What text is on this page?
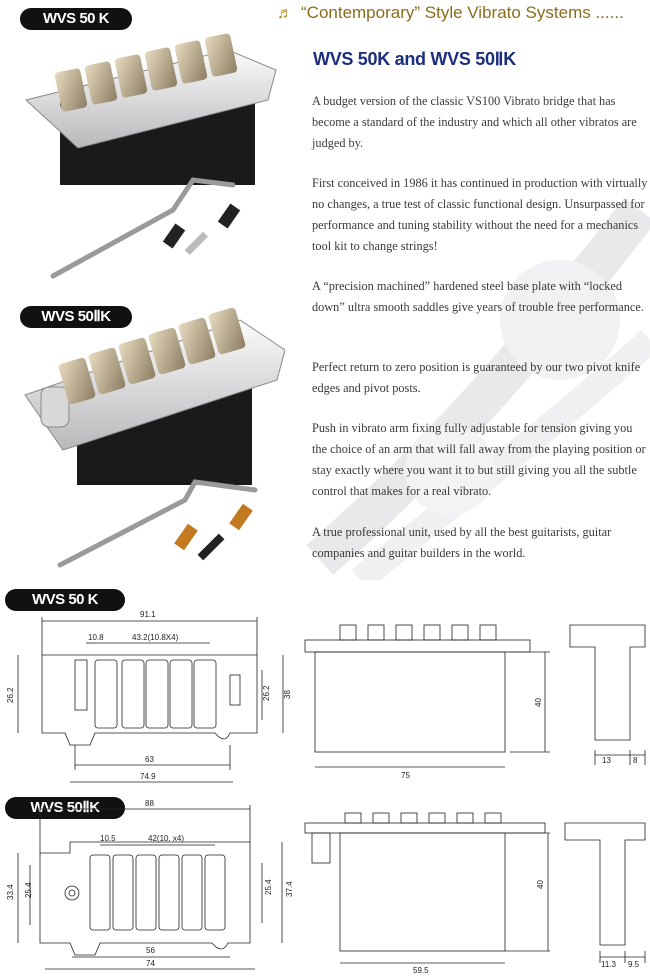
WVS 50 K	♬ “Contemporary” Style Vibrato Systems ......
WVS 50ⅡK
WVS 50K and WVS 50ⅡK

A budget version of the classic VS100 Vibrato bridge that has become a standard of the industry and which all other vibratos are judged by.

First conceived in 1986 it has continued in production with virtually no changes, a true test of classic functional design. Unsurpassed for performance and tuning stability without the need for a mechanics tool kit to change strings!

A “precision machined” hardened steel base plate with “locked down” ultra smooth saddles give years of trouble free performance.

Perfect return to zero position is guaranteed by our two pivot knife edges and pivot posts.

Push in vibrato arm fixing fully adjustable for tension giving you the choice of an arm that will fall away from the playing position or stay exactly where you want it to but still giving you all the subtle control that makes for a real vibrato.

A true professional unit, used by all the best guitarists, guitar companies and guitar builders in the world.

WVS 50 K
91.1
10.8	43.2(10.8X4)
26.2	26.2 38
63
74.9
40
75
13	8
WVS 50ⅡK	88
10.5	42(10. x4)
33.4 25.4	25.4 37.4
56
74
40
59.5
11.3 9.5
